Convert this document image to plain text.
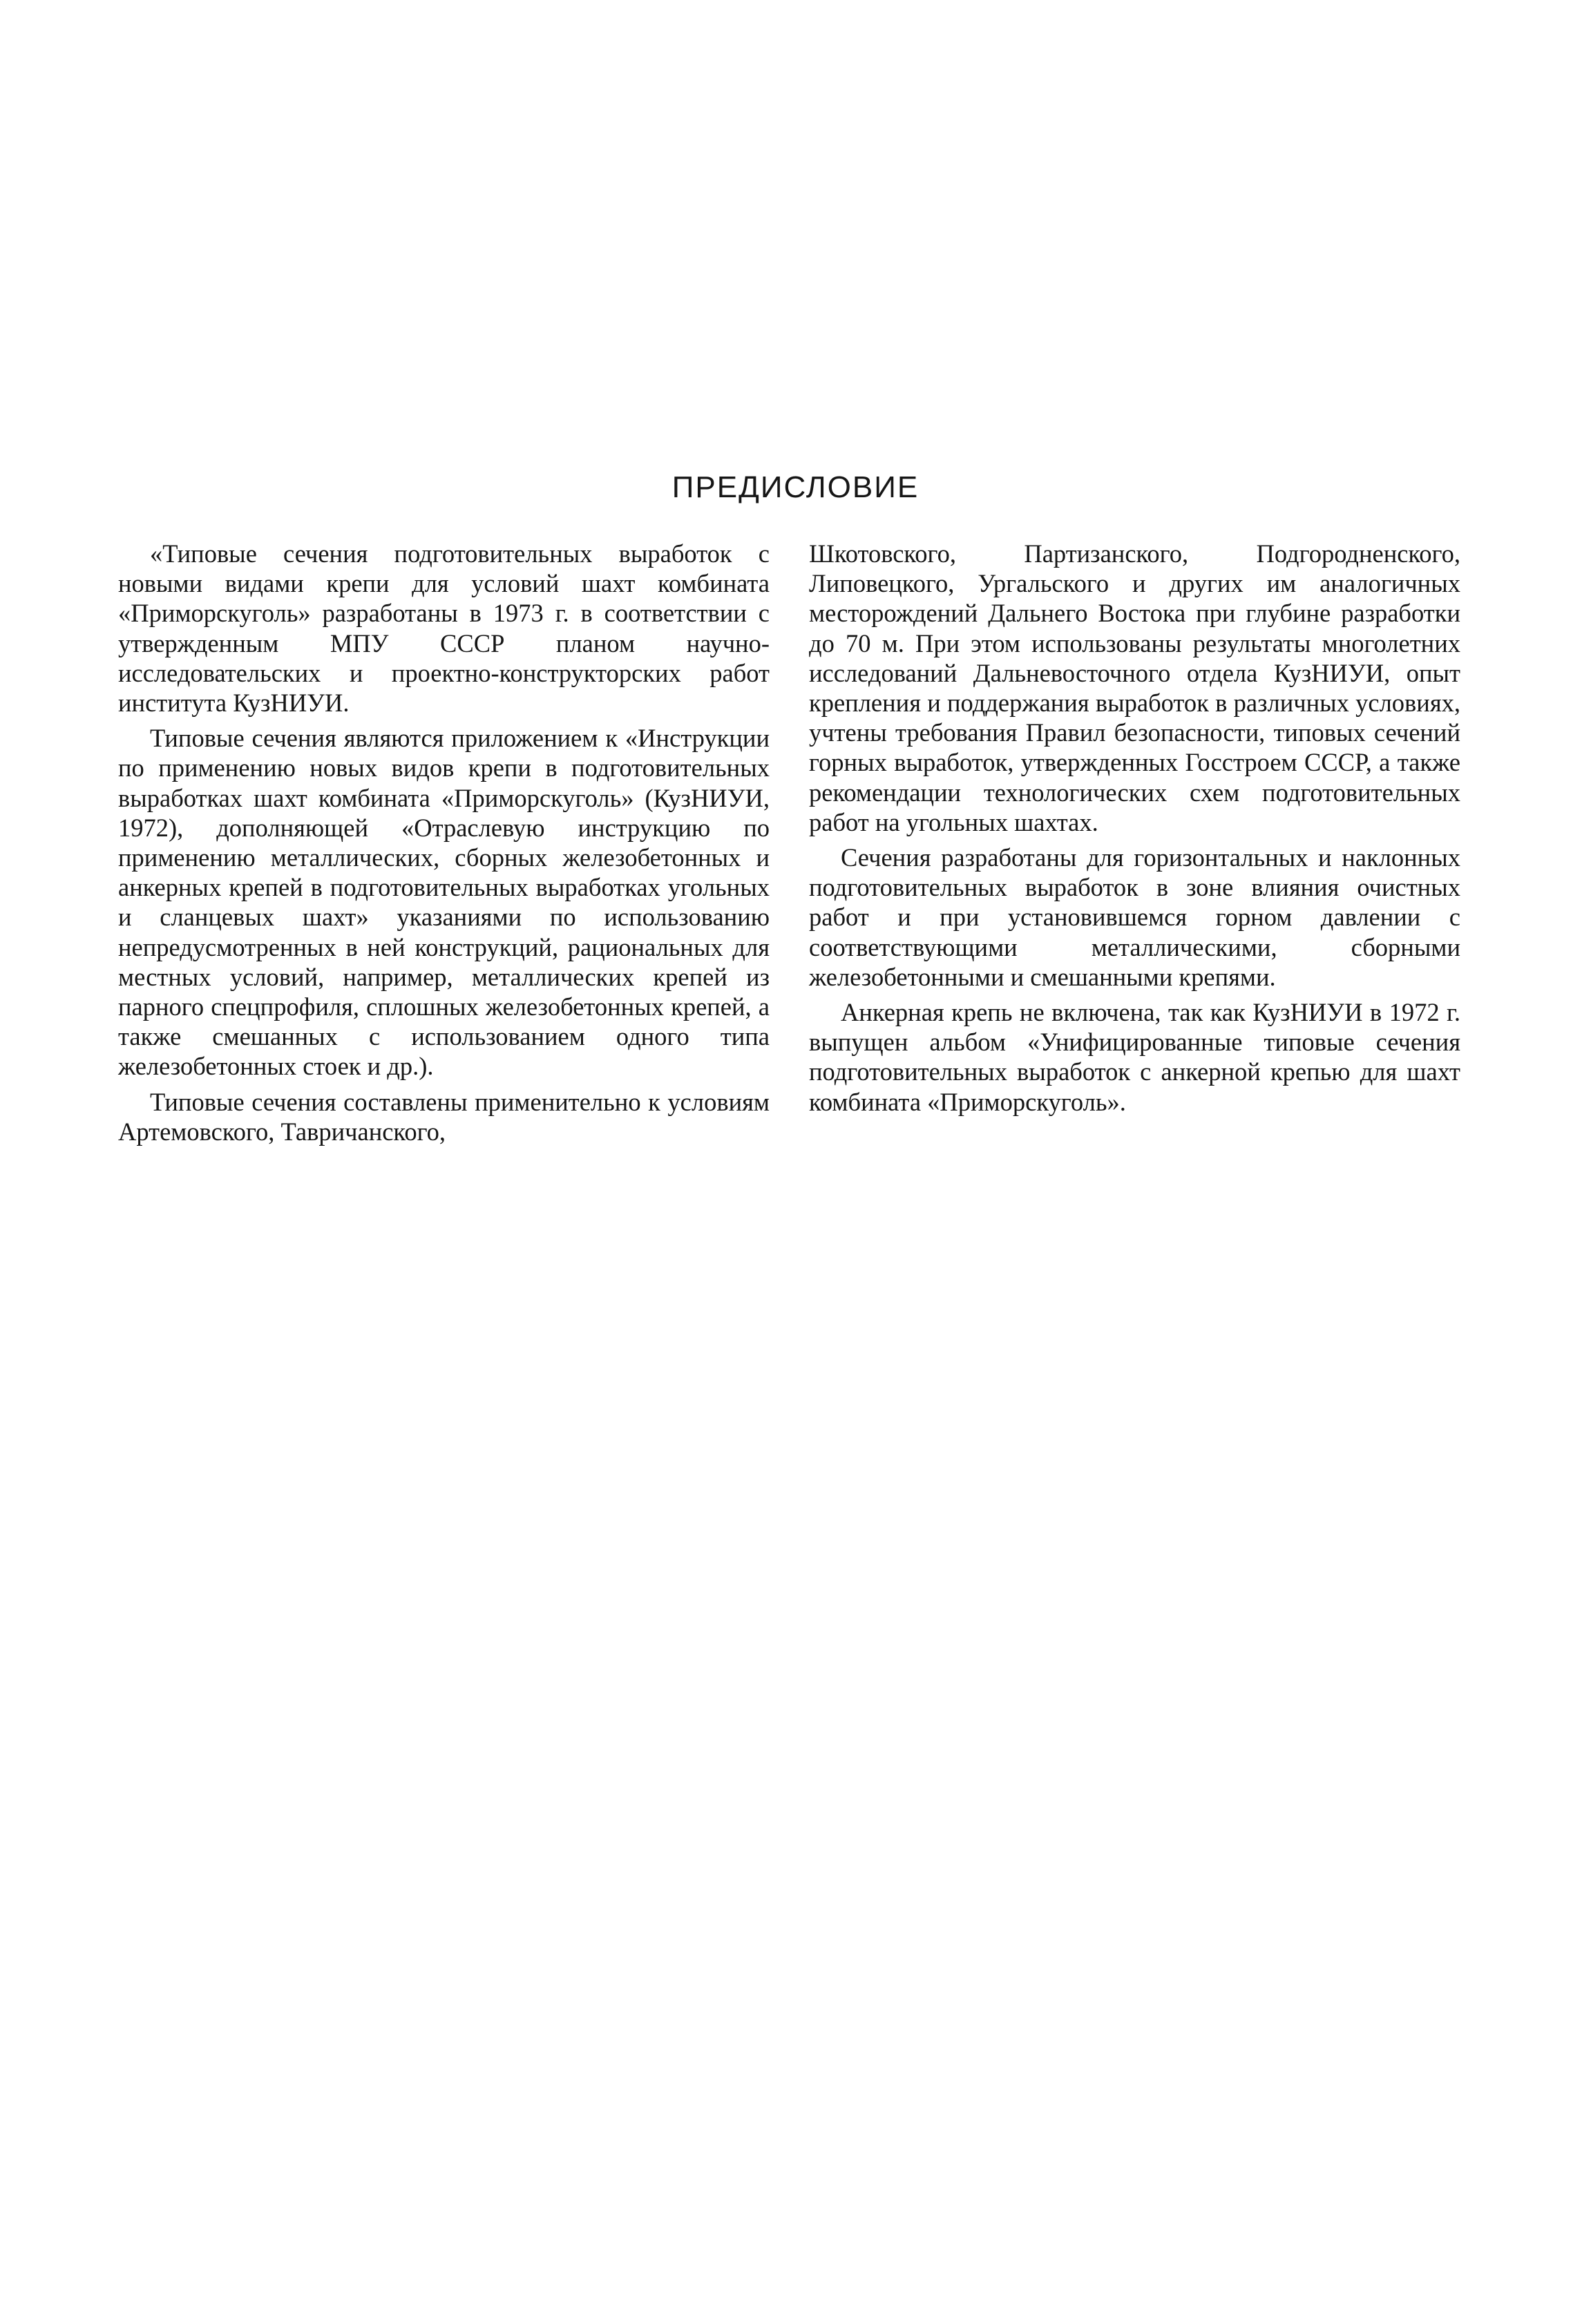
ПРЕДИСЛОВИЕ

«Типовые сечения подготовительных выработок с новыми видами крепи для условий шахт комбината «Приморскуголь» разработаны в 1973 г. в соответствии с утвержденным МПУ СССР планом научно-исследовательских и проектно-конструкторских работ института КузНИУИ.

Типовые сечения являются приложением к «Инструкции по применению новых видов крепи в подготовительных выработках шахт комбината «Приморскуголь» (КузНИУИ, 1972), дополняющей «Отраслевую инструкцию по применению металлических, сборных железобетонных и анкерных крепей в подготовительных выработках угольных и сланцевых шахт» указаниями по использованию непредусмотренных в ней конструкций, рациональных для местных условий, например, металлических крепей из парного спецпрофиля, сплошных железобетонных крепей, а также смешанных с использованием одного типа железобетонных стоек и др.).

Типовые сечения составлены применительно к условиям Артемовского, Тавричанского,

Шкотовского, Партизанского, Подгородненского, Липовецкого, Ургальского и других им аналогичных месторождений Дальнего Востока при глубине разработки до 70 м. При этом использованы результаты многолетних исследований Дальневосточного отдела КузНИУИ, опыт крепления и поддержания выработок в различных условиях, учтены требования Правил безопасности, типовых сечений горных выработок, утвержденных Госстроем СССР, а также рекомендации технологических схем подготовительных работ на угольных шахтах.

Сечения разработаны для горизонтальных и наклонных подготовительных выработок в зоне влияния очистных работ и при установившемся горном давлении с соответствующими металлическими, сборными железобетонными и смешанными крепями.

Анкерная крепь не включена, так как КузНИУИ в 1972 г. выпущен альбом «Унифицированные типовые сечения подготовительных выработок с анкерной крепью для шахт комбината «Приморскуголь».
